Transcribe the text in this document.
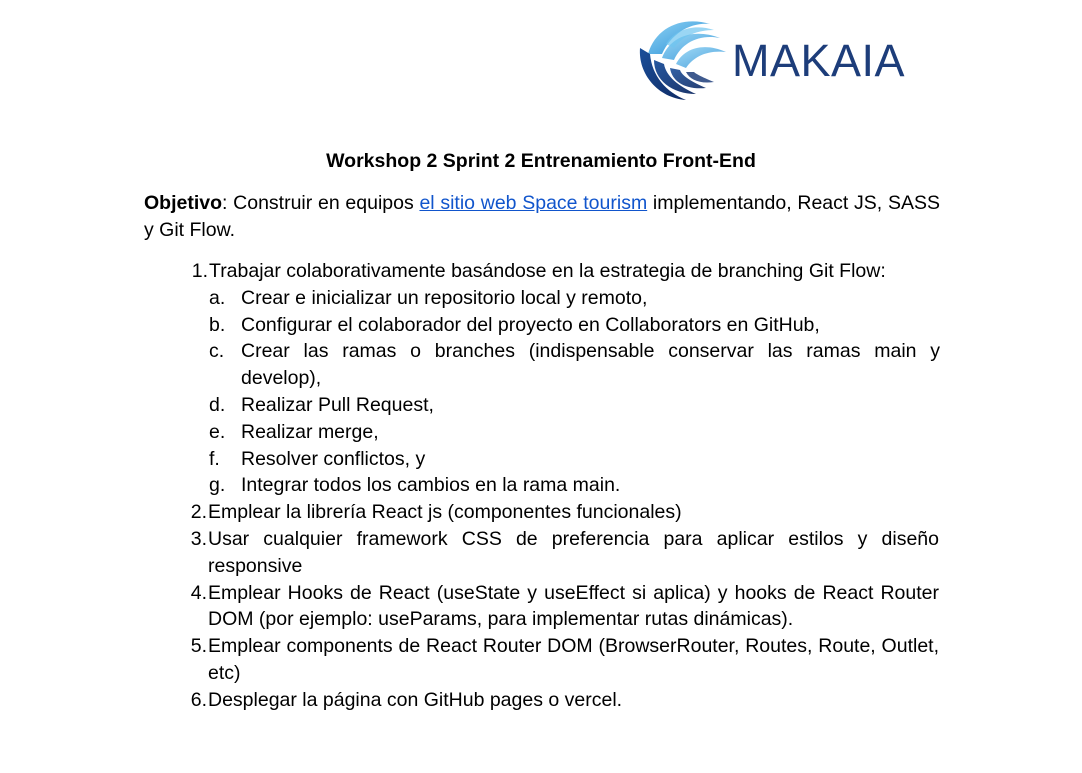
MAKAIA
Workshop 2 Sprint 2 Entrenamiento Front-End
Objetivo: Construir en equipos el sitio web Space tourism implementando, React JS, SASS y Git Flow.
1. Trabajar colaborativamente basándose en la estrategia de branching Git Flow:
a. Crear e inicializar un repositorio local y remoto,
b. Configurar el colaborador del proyecto en Collaborators en GitHub,
c. Crear las ramas o branches (indispensable conservar las ramas main y develop),
d. Realizar Pull Request,
e. Realizar merge,
f.	Resolver conflictos, y
g. Integrar todos los cambios en la rama main.
2. Emplear la librería React js (componentes funcionales)
3. Usar cualquier framework CSS de preferencia para aplicar estilos y diseño responsive
4. Emplear Hooks de React (useState y useEffect si aplica) y hooks de React Router DOM (por ejemplo: useParams, para implementar rutas dinámicas).
5. Emplear components de React Router DOM (BrowserRouter, Routes, Route, Outlet, etc)
6. Desplegar la página con GitHub pages o vercel.
